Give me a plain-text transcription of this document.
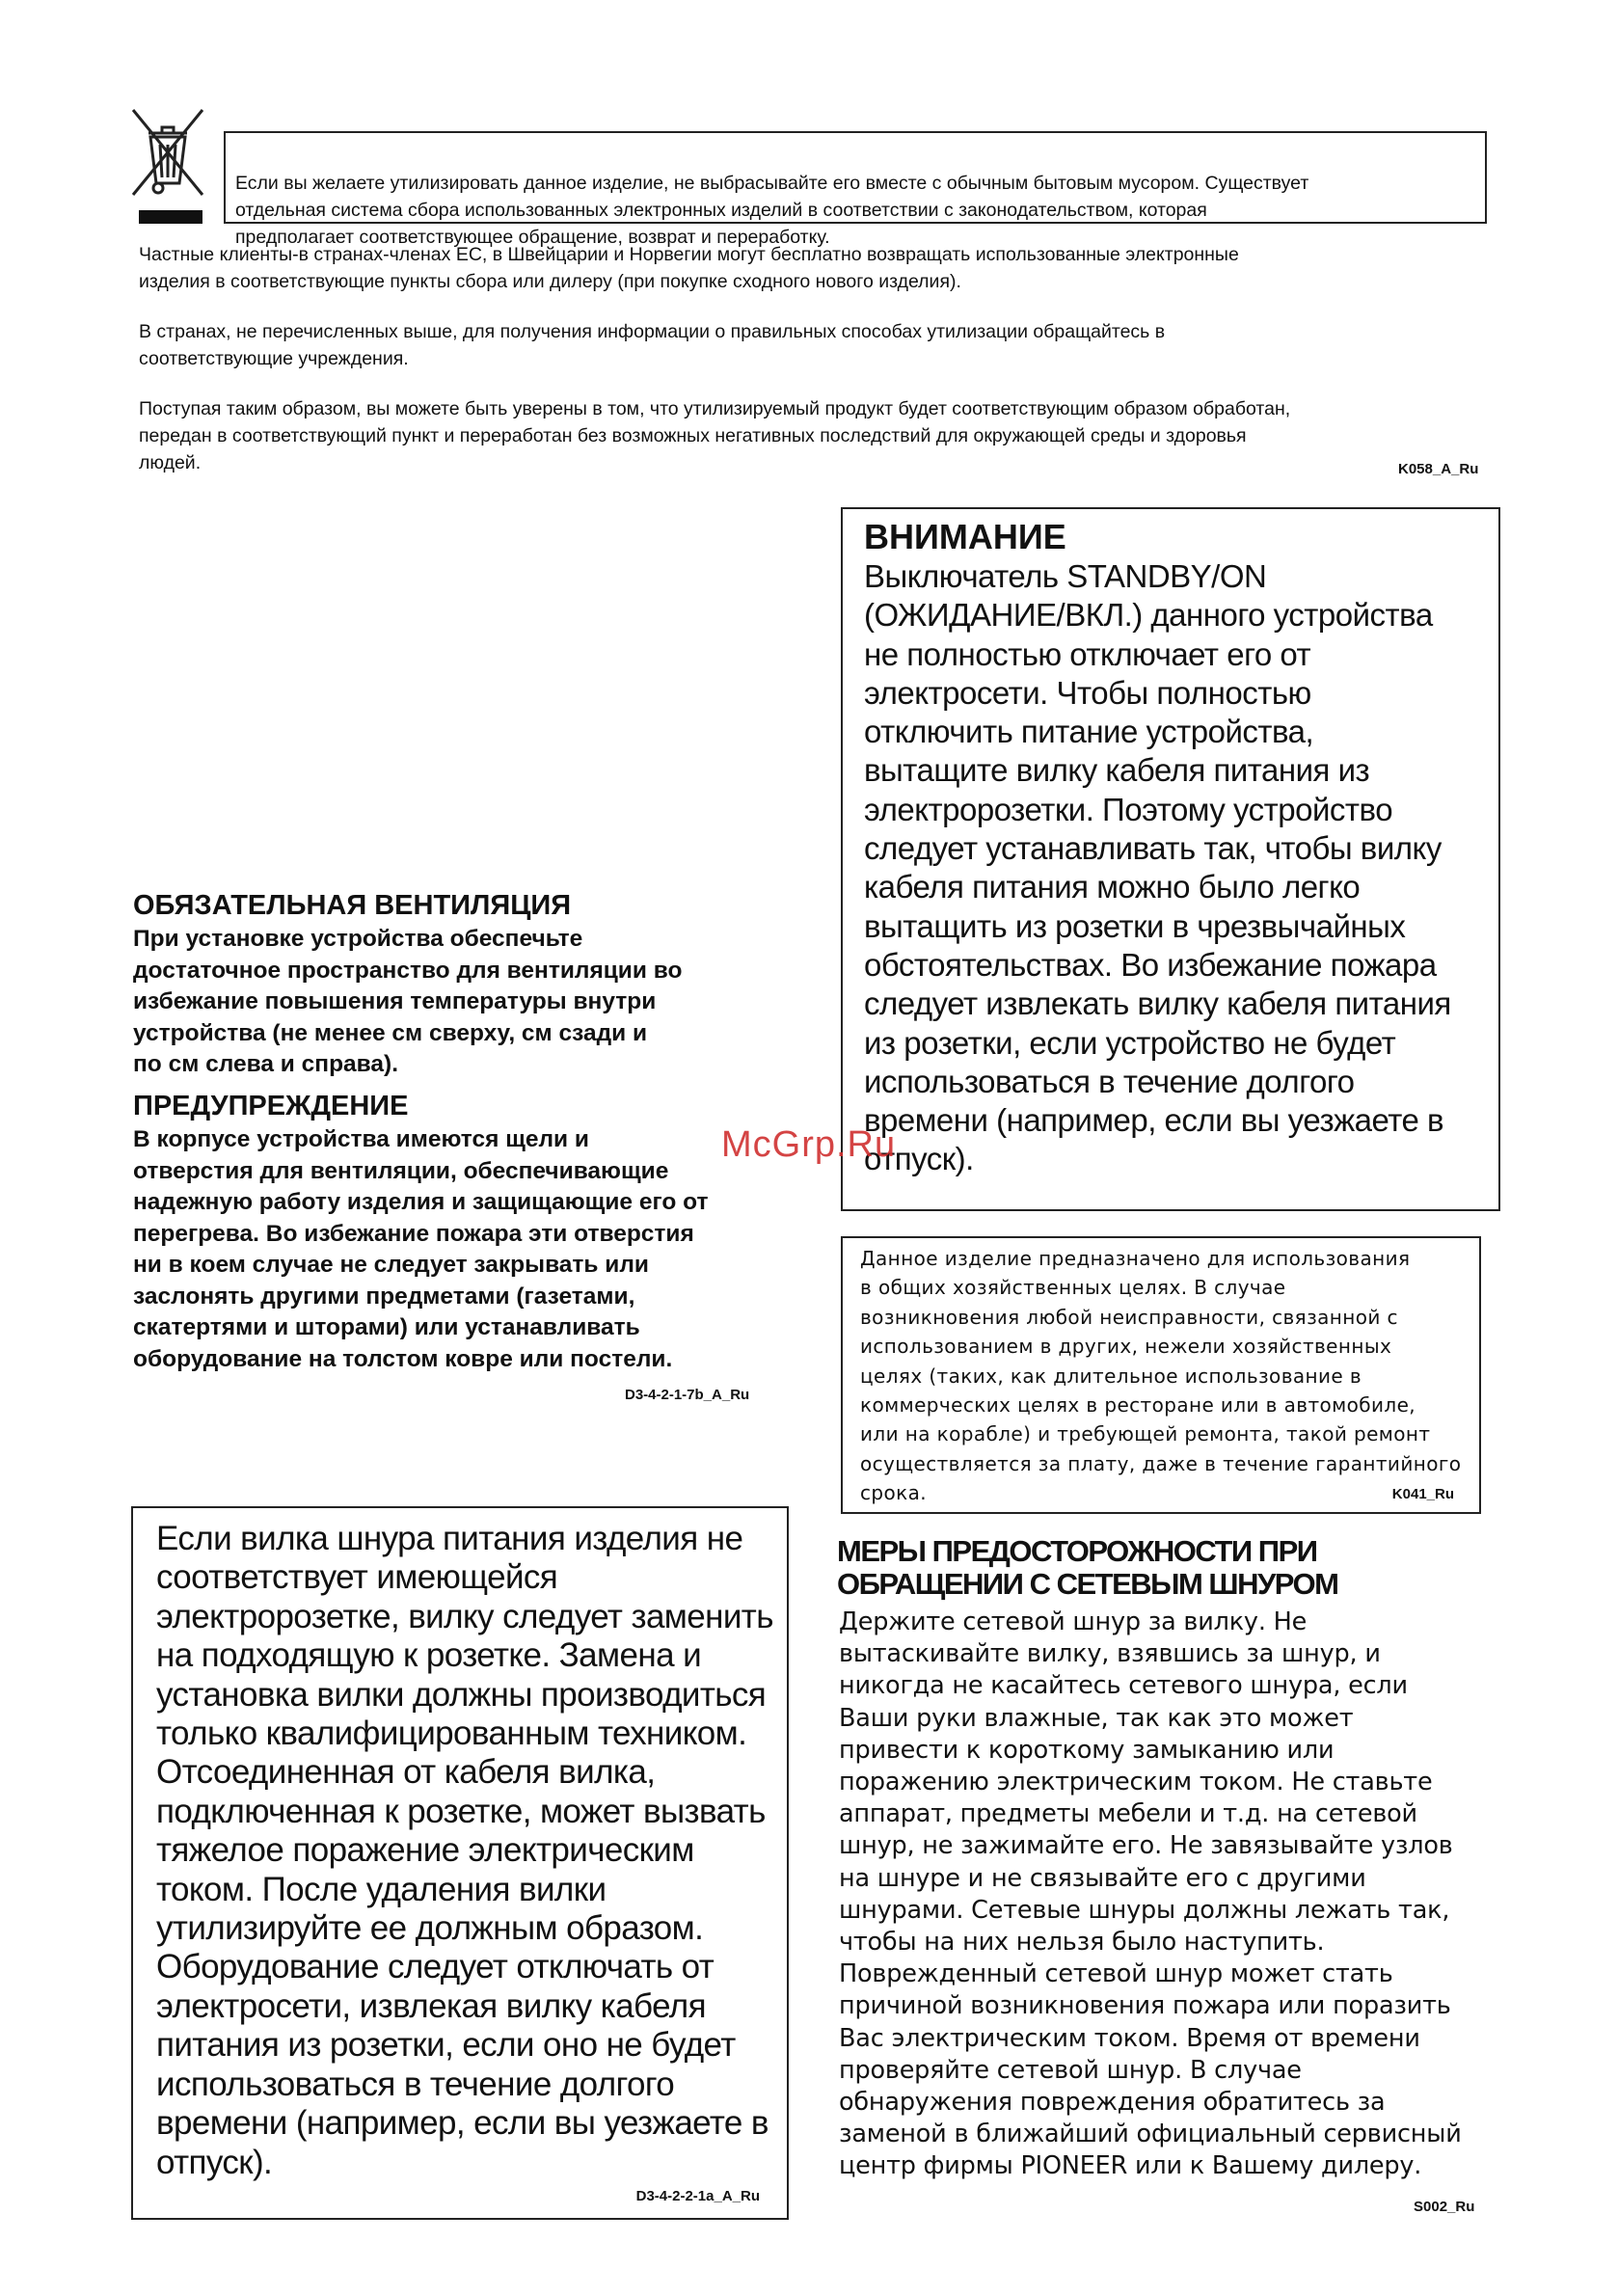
Если вы желаете утилизировать данное изделие, не выбрасывайте его вместе с обычным бытовым мусором. Существует
отдельная система сбора использованных электронных изделий в соответствии с законодательством, которая
предполагает соответствующее обращение, возврат и переработку.

Частные клиенты-в странах-членах ЕС, в Швейцарии и Норвегии могут бесплатно возвращать использованные электронные
изделия в соответствующие пункты сбора или дилеру (при покупке сходного нового изделия).
В странах, не перечисленных выше, для получения информации о правильных способах утилизации обращайтесь в
соответствующие учреждения.
Поступая таким образом, вы можете быть уверены в том, что утилизируемый продукт будет соответствующим образом обработан,
передан в соответствующий пункт и переработан без возможных негативных последствий для окружающей среды и здоровья
людей.	K058_A_Ru
ВНИМАНИЕ
Выключатель STANDBY/ON
(ОЖИДАНИЕ/ВКЛ.) данного устройства
не полностью отключает его от
электросети. Чтобы полностью
отключить питание устройства,
вытащите вилку кабеля питания из
электророзетки. Поэтому устройство
следует устанавливать так, чтобы вилку
кабеля питания можно было легко
вытащить из розетки в чрезвычайных
обстоятельствах. Во избежание пожара
следует извлекать вилку кабеля питания
из розетки, если устройство не будет
использоваться в течение долгого
времени (например, если вы уезжаете в
отпуск).
ОБЯЗАТЕЛЬНАЯ ВЕНТИЛЯЦИЯ
При установке устройства обеспечьте
достаточное пространство для вентиляции во
избежание повышения температуры внутри
устройства (не менее см сверху, см сзади и
по см слева и справа).
ПРЕДУПРЕЖДЕНИЕ
В корпусе устройства имеются щели и
отверстия для вентиляции, обеспечивающие
надежную работу изделия и защищающие его от
перегрева. Во избежание пожара эти отверстия
ни в коем случае не следует закрывать или
заслонять другими предметами (газетами,
скатертями и шторами) или устанавливать
оборудование на толстом ковре или постели.
D3-4-2-1-7b_A_Ru
Данное изделие предназначено для использования
в общих хозяйственных целях. В случае
возникновения любой неисправности, связанной с
использованием в других, нежели хозяйственных
целях (таких, как длительное использование в
коммерческих целях в ресторане или в автомобиле,
или на корабле) и требующей ремонта, такой ремонт
осуществляется за плату, даже в течение гарантийного
срока.	K041_Ru
Если вилка шнура питания изделия не
соответствует имеющейся
электророзетке, вилку следует заменить
на подходящую к розетке. Замена и
установка вилки должны производиться
только квалифицированным техником.
Отсоединенная от кабеля вилка,
подключенная к розетке, может вызвать
тяжелое поражение электрическим
током. После удаления вилки
утилизируйте ее должным образом.
Оборудование следует отключать от
электросети, извлекая вилку кабеля
питания из розетки, если оно не будет
использоваться в течение долгого
времени (например, если вы уезжаете в
отпуск).
D3-4-2-2-1a_A_Ru
МЕРЫ ПРЕДОСТОРОЖНОСТИ ПРИ
ОБРАЩЕНИИ С СЕТЕВЫМ ШНУРОМ
Держите сетевой шнур за вилку. Не
вытаскивайте вилку, взявшись за шнур, и
никогда не касайтесь сетевого шнура, если
Ваши руки влажные, так как это может
привести к короткому замыканию или
поражению электрическим током. Не ставьте
аппарат, предметы мебели и т.д. на сетевой
шнур, не зажимайте его. Не завязывайте узлов
на шнуре и не связывайте его с другими
шнурами. Сетевые шнуры должны лежать так,
чтобы на них нельзя было наступить.
Поврежденный сетевой шнур может стать
причиной возникновения пожара или поразить
Вас электрическим током. Время от времени
проверяйте сетевой шнур. В случае
обнаружения повреждения обратитесь за
заменой в ближайший официальный сервисный
центр фирмы PIONEER или к Вашему дилеру.
S002_Ru
McGrp.Ru
